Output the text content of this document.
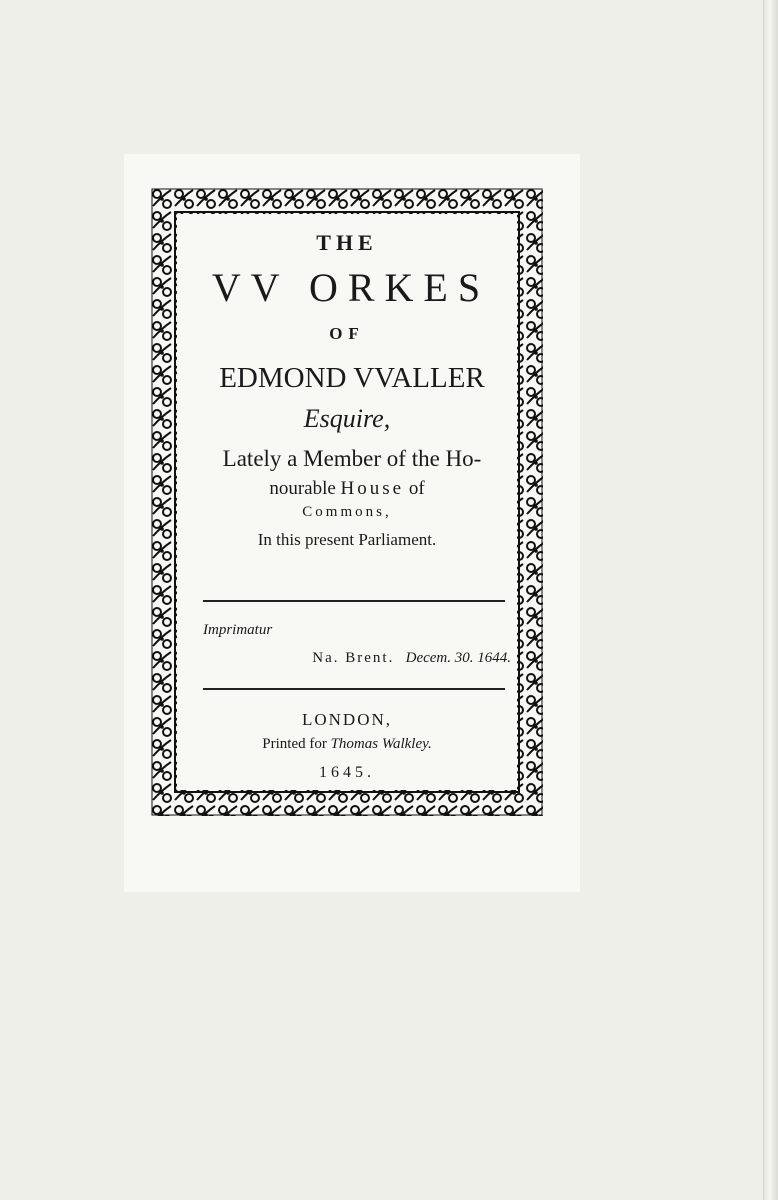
THE
VV ORKES
OF
EDMOND VVALLER
Esquire,
Lately a Member of the Ho-
nourable House of
Commons,
In this present Parliament.
Imprimatur
Na. Brent. Decem. 30. 1644.
LONDON,
Printed for Thomas Walkley.
1645.
